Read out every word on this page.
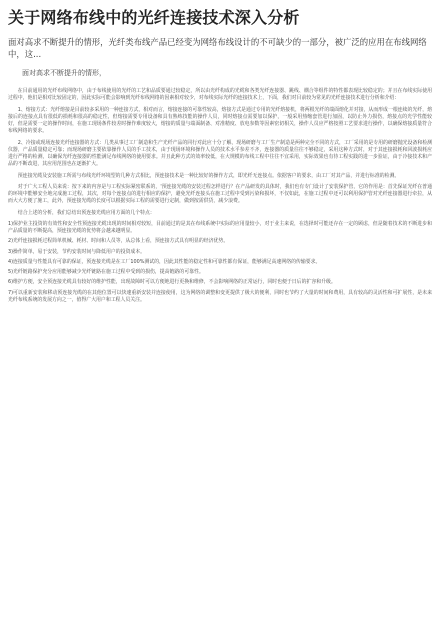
关于网络布线中的光纤连接技术深入分析

面对高求不断提升的情形，光纤类布线产品已经变为网络布线设计的不可缺少的一部分，被广泛的应用在布线网络中，这...

面对高求不断提升的情形，

在目前通用的光纤布线网络中，由于布线使用的光纤的工艺和品质要通过较稳定，所以由光纤构成的光缆和各类光纤连接器、跳线、耦合等组件的特性都表现比较稳定的；并且在布线实际使用过程中，他们是相对比较固定的，因此实际可能会影响到光纤布线网络的因素相对较少，对布线实际光纤的连接技术上，下面，我们对目前较为常见的光纤连接技术进行分析和介绍：

1、熔接方式：光纤熔接是目前较多采用的一种连接方式，相对而言，熔接连接的可靠性较高，熔接方式是通过专用的光纤熔接机，将两根光纤的端面熔化并对接，从而形成一根连续的光纤，熔接后的连接点具有很低的损耗和很高的稳定性，但熔接需要专用设备和具有熟练技能的操作人员，同时熔接点需要加以保护，一般采用热缩套管进行加固，以防止外力损伤，熔接点的光学性能较好，但是需要一定的操作时间，在施工现场条件较差时操作难度较大，熔接的质量与端面制备、对准精度、放电参数等因素密切相关，操作人员应严格按照工艺要求进行操作，以确保熔接质量符合布线网络的要求。

2、冷接或现场连接光纤连接器的方式：几类从事过工厂制造和生产光纤产品的同行对此应十分了解，现场研磨与工厂生产制造是两种完全不同的方式，工厂采用的是专用的研磨抛光设备和检测仪器，产品质量稳定可靠；而现场研磨主要依靠操作人员的手工技术，由于现场环境和操作人员的技术水平参差不齐，连接器的质量往往不够稳定，采用这种方式时，对于其连接损耗和回波损耗应进行严格的检测，以确保光纤连接器的性能满足布线网络的使用要求。并且此种方式的效率较低，在大规模的布线工程中往往不宜采用，实际效果也有待工程实践的进一步验证，由于冷接技术和产品的不断改进，其应用范围也在逐渐扩大。

预连接光缆及安装施工所需与布线光纤环境型的几种方式相比，预连接技术是一种比较好的操作方式，即光纤无连接点。依据客户的要求，由工厂对其产品，并进行标准的检测。

对于广大工程人员来说：按下来的内容是与工程实际紧密联系的，'预连接光缆的安装过程怎样进行？在产品研发的具体时，我们也有专门设计了安装保护管，它的作用是：首先保证光纤在普通的环境中能够安全地完成施工过程，其次，对每个连接点的进行相应的保护，避免光纤连接头在施工过程中受到污染和损坏，不仅如此，在施工过程中还可以利用保护管对光纤连接器进行牵拉，从而大大方便了施工，此外，预连接光缆的长度可以根据实际工程的需要进行定制，做到按需供货，减少浪费。

结合上述的分析，我们总结出预连接光缆应用方面的几个特点：

1)保护业主投资的有效性和安全性预连接光缆出现的时间相对较短，目前通过的是其在布线系统中实际的应用量较小，对于业主来说，在选择时可能还存在一定的顾虑，但是随着技术的不断进步和产品质量的不断提高，预连接光缆的优势将会越来越明显。

2)光纤连接损耗过程简单机械、耗材、时间和人员等，从总体上看，预连接方式具有明显的经济优势。

3)操作简单，易于安装，节约安装时间与降低用户的投资成本。

4)连接质量与性能具有可靠的保证，预连接光缆是在工厂100%测试的，因此其性能的稳定性和可靠性都有保证，能够满足高速网络的传输要求。

5)光纤链路保护充分应用能够减少光纤链路在施工过程中受到的损伤，提高链路的可靠性。

6)维护方便，安全预连接光缆具有较好的维护性能，出现故障时可以方便地进行更换和维修，不会影响网络的正常运行，同时也便于日后的扩容和升级。

7)可以重新安装和移动预连接光缆的在其他位置可以快速重新安装并连接使用，这为网络的调整和变更提供了极大的便利，同时也节约了大量的时间和费用，具有较高的灵活性和可扩展性，是未来光纤布线系统的发展方向之一，值得广大用户和工程人员关注。
